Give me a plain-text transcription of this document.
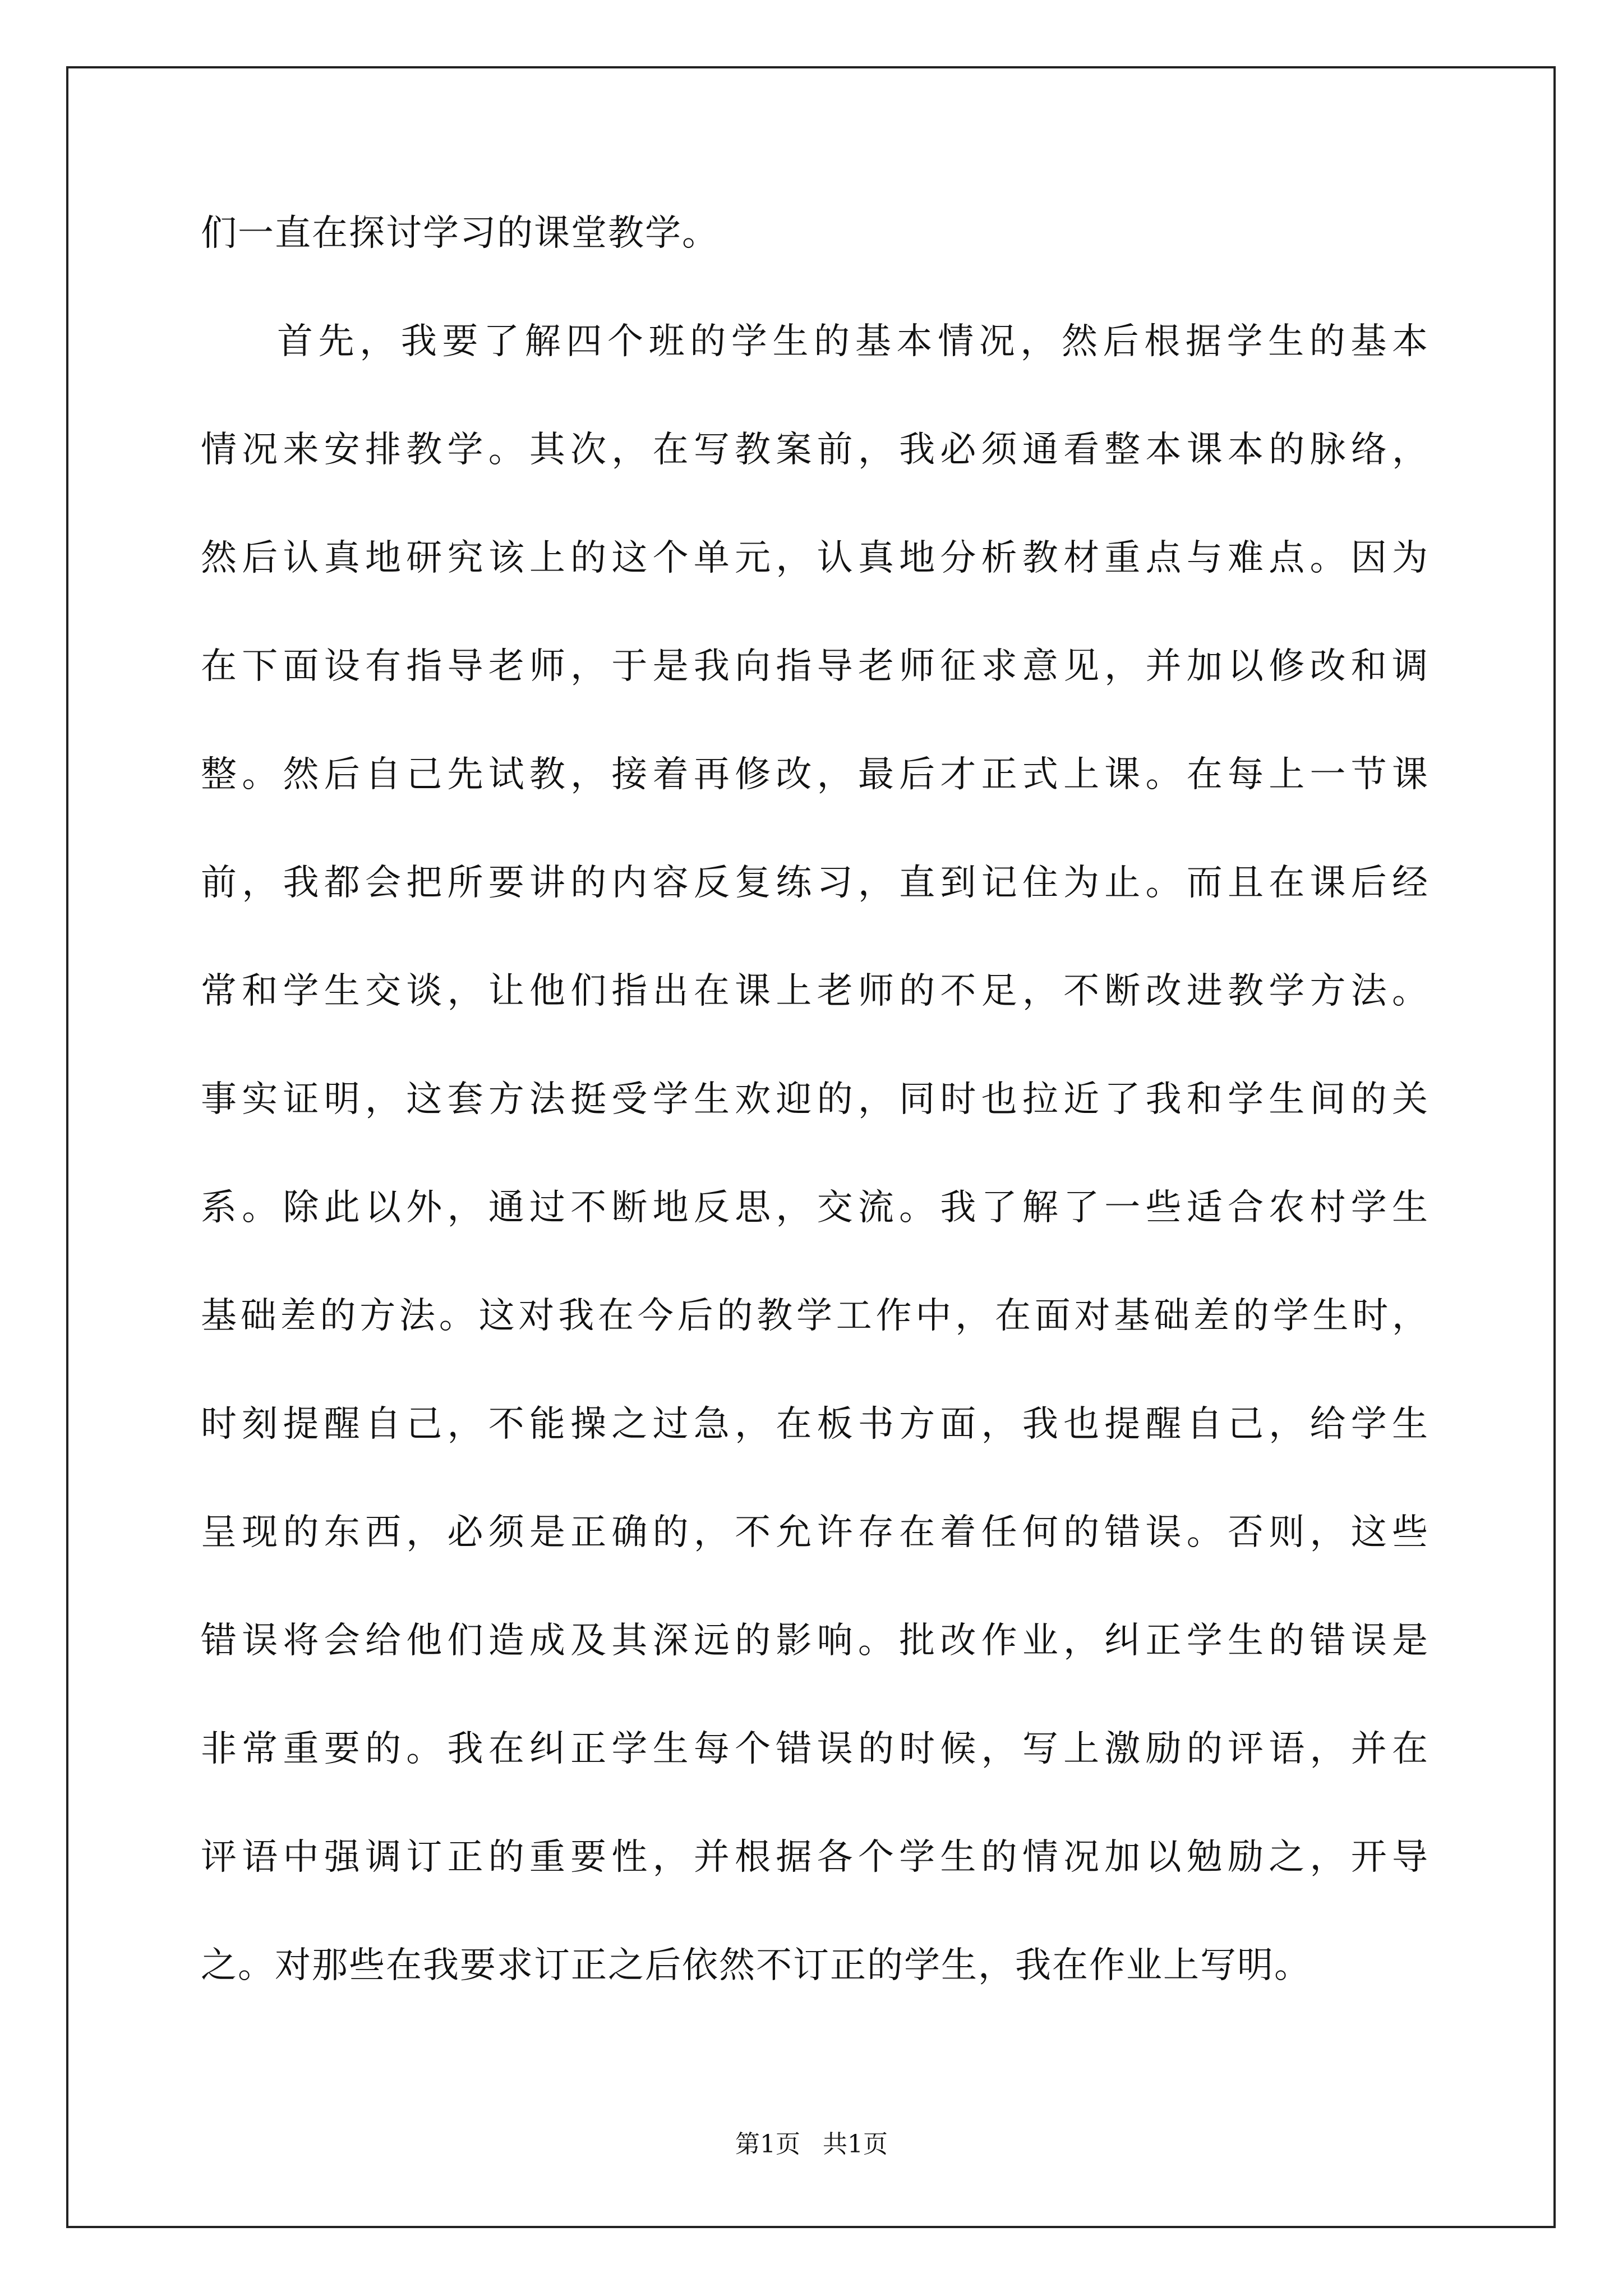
们一直在探讨学习的课堂教学。
首先，我要了解四个班的学生的基本情况，然后根据学生的基本
情况来安排教学。其次，在写教案前，我必须通看整本课本的脉络，
然后认真地研究该上的这个单元，认真地分析教材重点与难点。因为
在下面设有指导老师，于是我向指导老师征求意见，并加以修改和调
整。然后自己先试教，接着再修改，最后才正式上课。在每上一节课
前，我都会把所要讲的内容反复练习，直到记住为止。而且在课后经
常和学生交谈，让他们指出在课上老师的不足，不断改进教学方法。
事实证明，这套方法挺受学生欢迎的，同时也拉近了我和学生间的关
系。除此以外，通过不断地反思，交流。我了解了一些适合农村学生
基础差的方法。这对我在今后的教学工作中，在面对基础差的学生时，
时刻提醒自己，不能操之过急，在板书方面，我也提醒自己，给学生
呈现的东西，必须是正确的，不允许存在着任何的错误。否则，这些
错误将会给他们造成及其深远的影响。批改作业，纠正学生的错误是
非常重要的。我在纠正学生每个错误的时候，写上激励的评语，并在
评语中强调订正的重要性，并根据各个学生的情况加以勉励之，开导
之。对那些在我要求订正之后依然不订正的学生，我在作业上写明。
第1页 共1页
